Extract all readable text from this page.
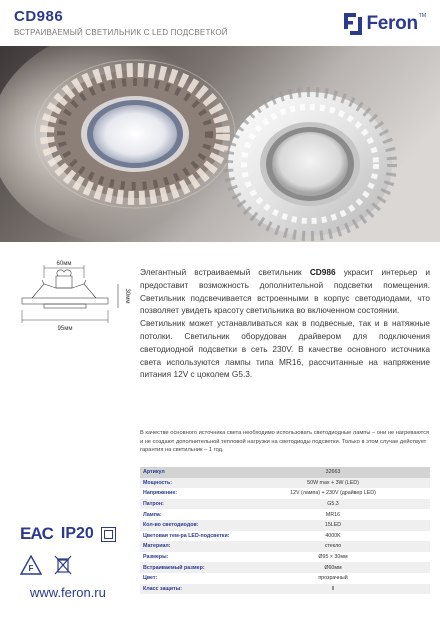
CD986
ВСТРАИВАЕМЫЙ СВЕТИЛЬНИК С LED ПОДСВЕТКОЙ	Feron TM
60мм
30мм
95мм

Элегантный встраиваемый светильник CD986 украсит интерьер и предоставит возможность дополнительной подсветки помещения. Светильник подсвечивается встроенными в корпус светодиодами, что позволяет увидеть красоту светильника во включенном состоянии.

Светильник может устанавливаться как в подвесные, так и в натяжные потолки. Светильник оборудован драйвером для подключения светодиодной подсветки в сеть 230V. В качестве основного источника света используются лампы типа MR16, рассчитанные на напряжение питания 12V с цоколем G5.3.

В качестве основного источника света необходимо использовать светодиодные лампы – они не нагреваются и не создают дополнительной тепловой нагрузки на светодиоды подсветки. Только в этом случае действует гарантия на светильник – 1 год.
Артикул	32663
Мощность:	50W max + 3W (LED)
Напряжение:	12V (лампа) + 230V (драйвер LED)
Патрон:	G5.3
Лампа:	MR16
Кол-во светодиодов:	15LED
Цветовая тем-ра LED-подсветки:	4000K
Материал:	стекло
Размеры:	Ø95 × 30мм
Встраиваемый размер:	Ø60мм
Цвет:	прозрачный
Класс защиты:	II
EAC IP20
F
www.feron.ru
